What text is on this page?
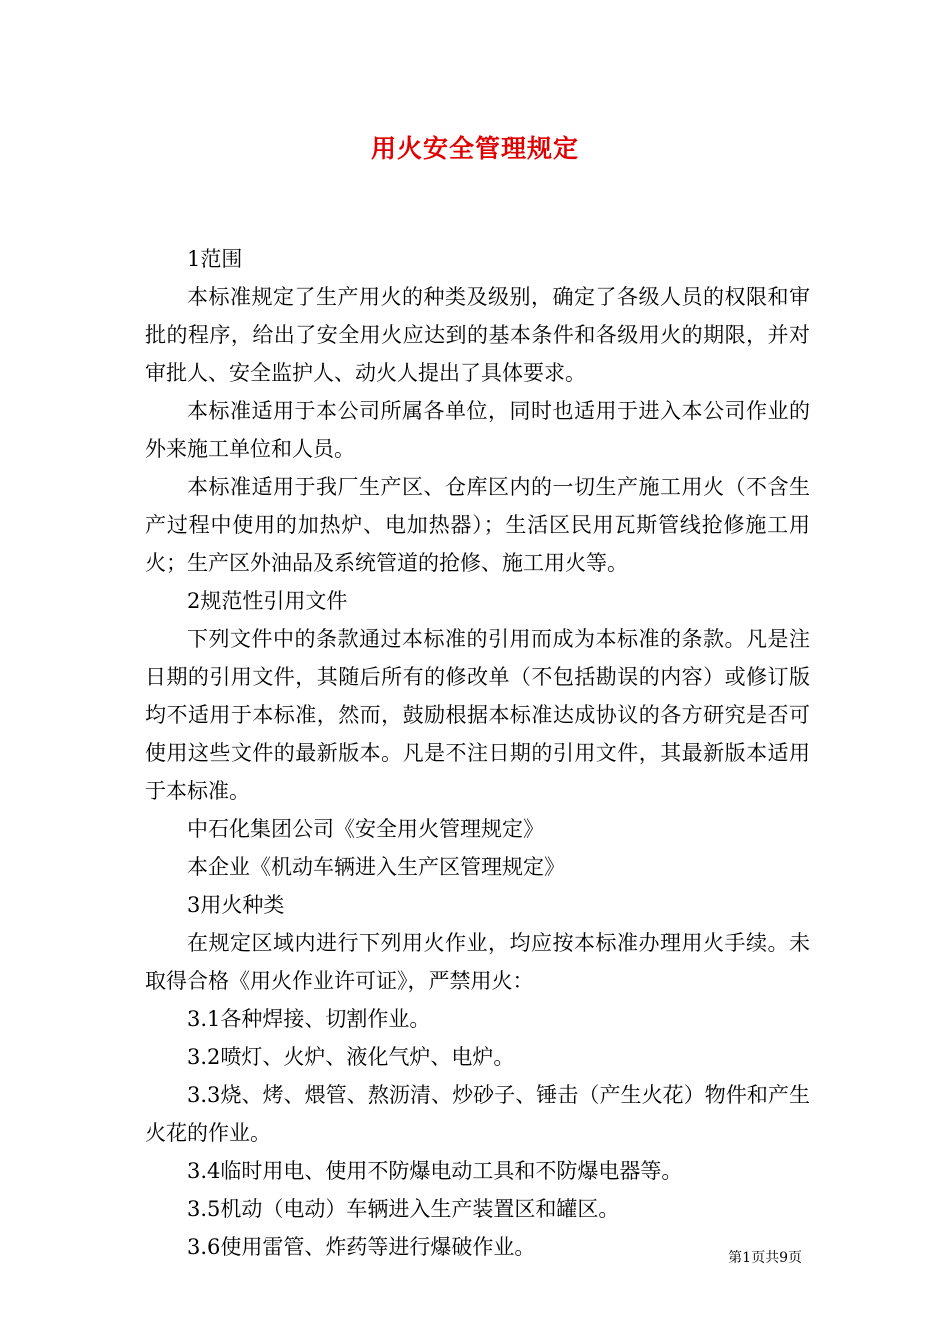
用火安全管理规定

1范围

本标准规定了生产用火的种类及级别，确定了各级人员的权限和审批的程序，给出了安全用火应达到的基本条件和各级用火的期限，并对审批人、安全监护人、动火人提出了具体要求。

本标准适用于本公司所属各单位，同时也适用于进入本公司作业的外来施工单位和人员。

本标准适用于我厂生产区、仓库区内的一切生产施工用火（不含生产过程中使用的加热炉、电加热器）；生活区民用瓦斯管线抢修施工用火；生产区外油品及系统管道的抢修、施工用火等。

2规范性引用文件

下列文件中的条款通过本标准的引用而成为本标准的条款。凡是注日期的引用文件，其随后所有的修改单（不包括勘误的内容）或修订版均不适用于本标准，然而，鼓励根据本标准达成协议的各方研究是否可使用这些文件的最新版本。凡是不注日期的引用文件，其最新版本适用于本标准。

中石化集团公司《安全用火管理规定》

本企业《机动车辆进入生产区管理规定》

3用火种类

在规定区域内进行下列用火作业，均应按本标准办理用火手续。未取得合格《用火作业许可证》，严禁用火：

3.1各种焊接、切割作业。

3.2喷灯、火炉、液化气炉、电炉。

3.3烧、烤、煨管、熬沥清、炒砂子、锤击（产生火花）物件和产生火花的作业。

3.4临时用电、使用不防爆电动工具和不防爆电器等。

3.5机动（电动）车辆进入生产装置区和罐区。

3.6使用雷管、炸药等进行爆破作业。	第1页共9页
